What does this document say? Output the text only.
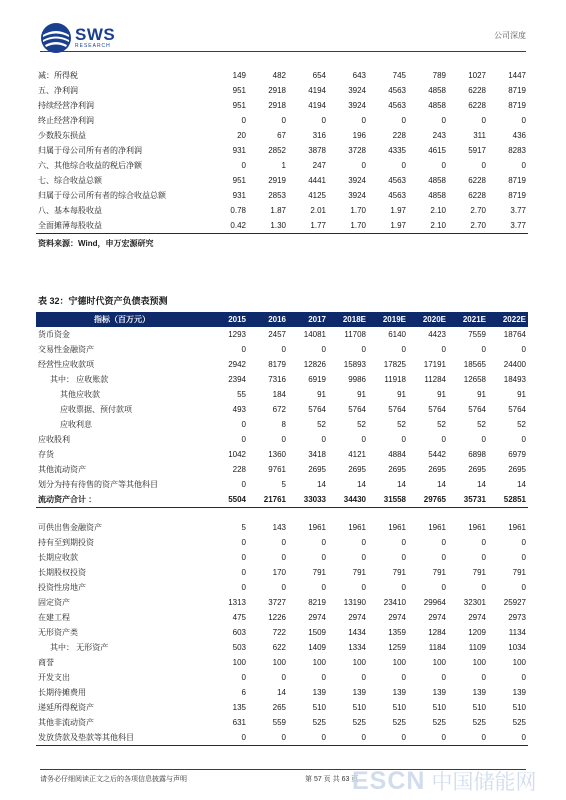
SWS
RESEARCH
公司深度
减：所得税	149	482	654	643	745	789	1027	1447
五、净利润	951	2918	4194	3924	4563	4858	6228	8719
持续经营净利润	951	2918	4194	3924	4563	4858	6228	8719
终止经营净利润	0	0	0	0	0	0	0	0
少数股东损益	20	67	316	196	228	243	311	436
归属于母公司所有者的净利润	931	2852	3878	3728	4335	4615	5917	8283
六、其他综合收益的税后净额	0	1	247	0	0	0	0	0
七、综合收益总额	951	2919	4441	3924	4563	4858	6228	8719
归属于母公司所有者的综合收益总额	931	2853	4125	3924	4563	4858	6228	8719
八、基本每股收益	0.78	1.87	2.01	1.70	1.97	2.10	2.70	3.77
全面摊薄每股收益	0.42	1.30	1.77	1.70	1.97	2.10	2.70	3.77
资料来源：Wind，申万宏源研究
表 32：宁德时代资产负债表预测
指标（百万元）	2015	2016	2017	2018E	2019E	2020E	2021E	2022E
货币资金	1293	2457	14081	11708	6140	4423	7559	18764
交易性金融资产	0	0	0	0	0	0	0	0
经营性应收款项	2942	8179	12826	15893	17825	17191	18565	24400
其中： 应收账款	2394	7316	6919	9986	11918	11284	12658	18493
其他应收款	55	184	91	91	91	91	91	91
应收票据、预付款项	493	672	5764	5764	5764	5764	5764	5764
应收利息	0	8	52	52	52	52	52	52
应收股利	0	0	0	0	0	0	0	0
存货	1042	1360	3418	4121	4884	5442	6898	6979
其他流动资产	228	9761	2695	2695	2695	2695	2695	2695
划分为持有待售的资产等其他科目	0	5	14	14	14	14	14	14
流动资产合计 ：	5504	21761	33033	34430	31558	29765	35731	52851

可供出售金融资产	5	143	1961	1961	1961	1961	1961	1961
持有至到期投资	0	0	0	0	0	0	0	0
长期应收款	0	0	0	0	0	0	0	0
长期股权投资	0	170	791	791	791	791	791	791
投资性房地产	0	0	0	0	0	0	0	0
固定资产	1313	3727	8219	13190	23410	29964	32301	25927
在建工程	475	1226	2974	2974	2974	2974	2974	2973
无形资产类	603	722	1509	1434	1359	1284	1209	1134
其中： 无形资产	503	622	1409	1334	1259	1184	1109	1034
商誉	100	100	100	100	100	100	100	100
开发支出	0	0	0	0	0	0	0	0
长期待摊费用	6	14	139	139	139	139	139	139
递延所得税资产	135	265	510	510	510	510	510	510
其他非流动资产	631	559	525	525	525	525	525	525
发放贷款及垫款等其他科目	0	0	0	0	0	0	0	0
请务必仔细阅读正文之后的各项信息披露与声明	第 57 页 共 63 页
ESCN 中国储能网
